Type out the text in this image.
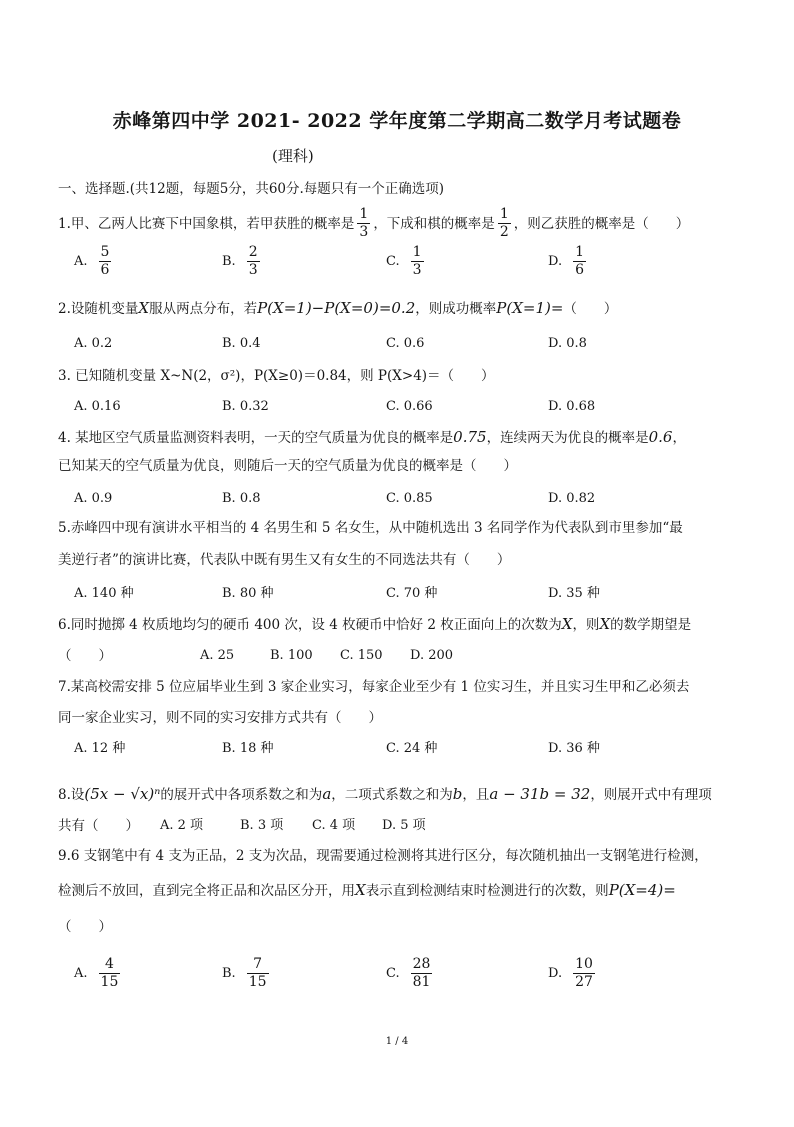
赤峰第四中学 2021- 2022 学年度第二学期高二数学月考试题卷
(理科)
一、选择题.(共12题，每题5分，共60分.每题只有一个正确选项)
1.甲、乙两人比赛下中国象棋，若甲获胜的概率是 $\frac{1}{3}$ ，下成和棋的概率是 $\frac{1}{2}$ ，则乙获胜的概率是（　　）
A. $\frac{5}{6}$	B. $\frac{2}{3}$	C. $\frac{1}{3}$	D. $\frac{1}{6}$
2.设随机变量X服从两点分布，若P(X=1)−P(X=0)=0.2，则成功概率P(X=1)=（　　）
A. 0.2	B. 0.4	C. 0.6	D. 0.8
3. 已知随机变量 X~N(2，σ²)，P(X≥0)＝0.84，则 P(X>4)＝（　　）
A. 0.16	B. 0.32	C. 0.66	D. 0.68
4. 某地区空气质量监测资料表明，一天的空气质量为优良的概率是0.75，连续两天为优良的概率是0.6，
已知某天的空气质量为优良，则随后一天的空气质量为优良的概率是（　　）
A. 0.9	B. 0.8	C. 0.85	D. 0.82
5.赤峰四中现有演讲水平相当的 4 名男生和 5 名女生，从中随机选出 3 名同学作为代表队到市里参加“最
美逆行者”的演讲比赛，代表队中既有男生又有女生的不同选法共有（　　）
A. 140 种	B. 80 种	C. 70 种	D. 35 种
6.同时抛掷 4 枚质地均匀的硬币 400 次，设 4 枚硬币中恰好 2 枚正面向上的次数为X，则X的数学期望是
（　　）	A. 25	B. 100 C. 150 D. 200
7.某高校需安排 5 位应届毕业生到 3 家企业实习，每家企业至少有 1 位实习生，并且实习生甲和乙必须去
同一家企业实习，则不同的实习安排方式共有（　　）
A. 12 种	B. 18 种	C. 24 种	D. 36 种
8.设(5x − √x)ⁿ的展开式中各项系数之和为a，二项式系数之和为b，且a − 31b = 32，则展开式中有理项
共有（　　） A. 2 项	B. 3 项 C. 4 项 D. 5 项
9.6 支钢笔中有 4 支为正品，2 支为次品，现需要通过检测将其进行区分，每次随机抽出一支钢笔进行检测，
检测后不放回，直到完全将正品和次品区分开，用X表示直到检测结束时检测进行的次数，则P(X=4)=
（　　）
A. $\frac{4}{15}$	B. $\frac{7}{15}$	C. $\frac{28}{81}$	D. $\frac{10}{27}$
1 / 4
